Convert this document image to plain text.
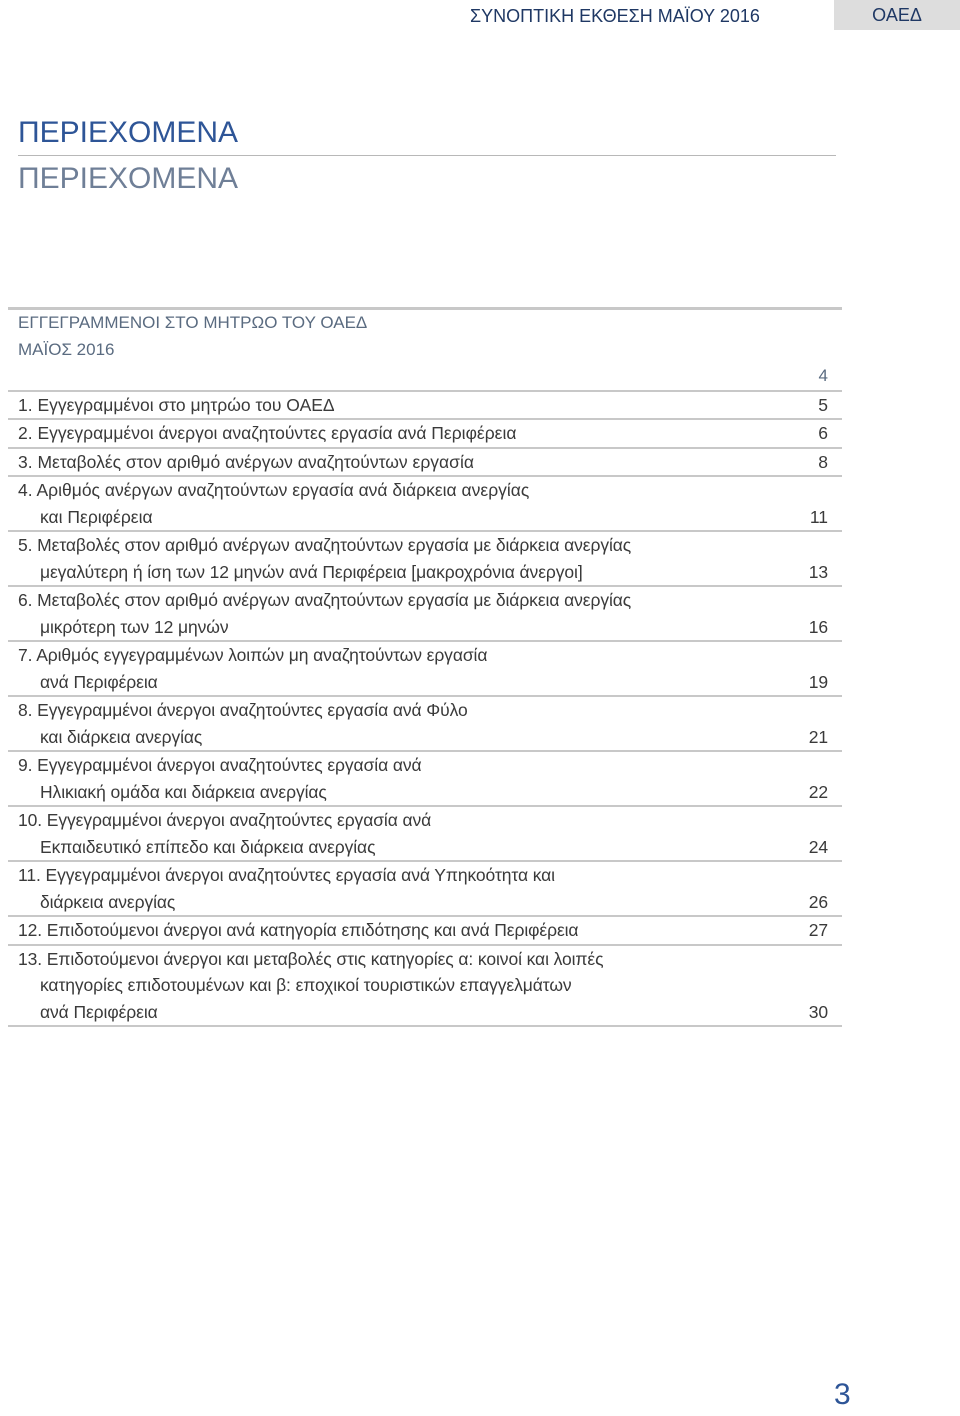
ΣΥΝΟΠΤΙΚΗ ΕΚΘΕΣΗ ΜΑΪΟΥ 2016	ΟΑΕΔ
ΠΕΡΙΕΧΟΜΕΝΑ
ΠΕΡΙΕΧΟΜΕΝΑ
ΕΓΓΕΓΡΑΜΜΕΝΟΙ ΣΤΟ ΜΗΤΡΩΟ ΤΟΥ ΟΑΕΔ
ΜΑΪΟΣ 2016
4
1. Εγγεγραμμένοι στο μητρώο του ΟΑΕΔ	5
2. Εγγεγραμμένοι άνεργοι αναζητούντες εργασία ανά Περιφέρεια	6
3. Μεταβολές στον αριθμό ανέργων αναζητούντων εργασία	8
4. Αριθμός ανέργων αναζητούντων εργασία ανά διάρκεια ανεργίας
και Περιφέρεια	11
5. Μεταβολές στον αριθμό ανέργων αναζητούντων εργασία με διάρκεια ανεργίας
μεγαλύτερη ή ίση των 12 μηνών ανά Περιφέρεια [μακροχρόνια άνεργοι]	13
6. Μεταβολές στον αριθμό ανέργων αναζητούντων εργασία με διάρκεια ανεργίας
μικρότερη των 12 μηνών	16
7. Αριθμός εγγεγραμμένων λοιπών μη αναζητούντων εργασία
ανά Περιφέρεια	19
8. Εγγεγραμμένοι άνεργοι αναζητούντες εργασία ανά Φύλο
και διάρκεια ανεργίας	21
9. Εγγεγραμμένοι άνεργοι αναζητούντες εργασία ανά
Ηλικιακή ομάδα και διάρκεια ανεργίας	22
10. Εγγεγραμμένοι άνεργοι αναζητούντες εργασία ανά
Εκπαιδευτικό επίπεδο και διάρκεια ανεργίας	24
11. Εγγεγραμμένοι άνεργοι αναζητούντες εργασία ανά Υπηκοότητα και
διάρκεια ανεργίας	26
12. Επιδοτούμενοι άνεργοι ανά κατηγορία επιδότησης και ανά Περιφέρεια	27
13. Επιδοτούμενοι άνεργοι και μεταβολές στις κατηγορίες α: κοινοί και λοιπές
κατηγορίες επιδοτουμένων και β: εποχικοί τουριστικών επαγγελμάτων
ανά Περιφέρεια	30
3
